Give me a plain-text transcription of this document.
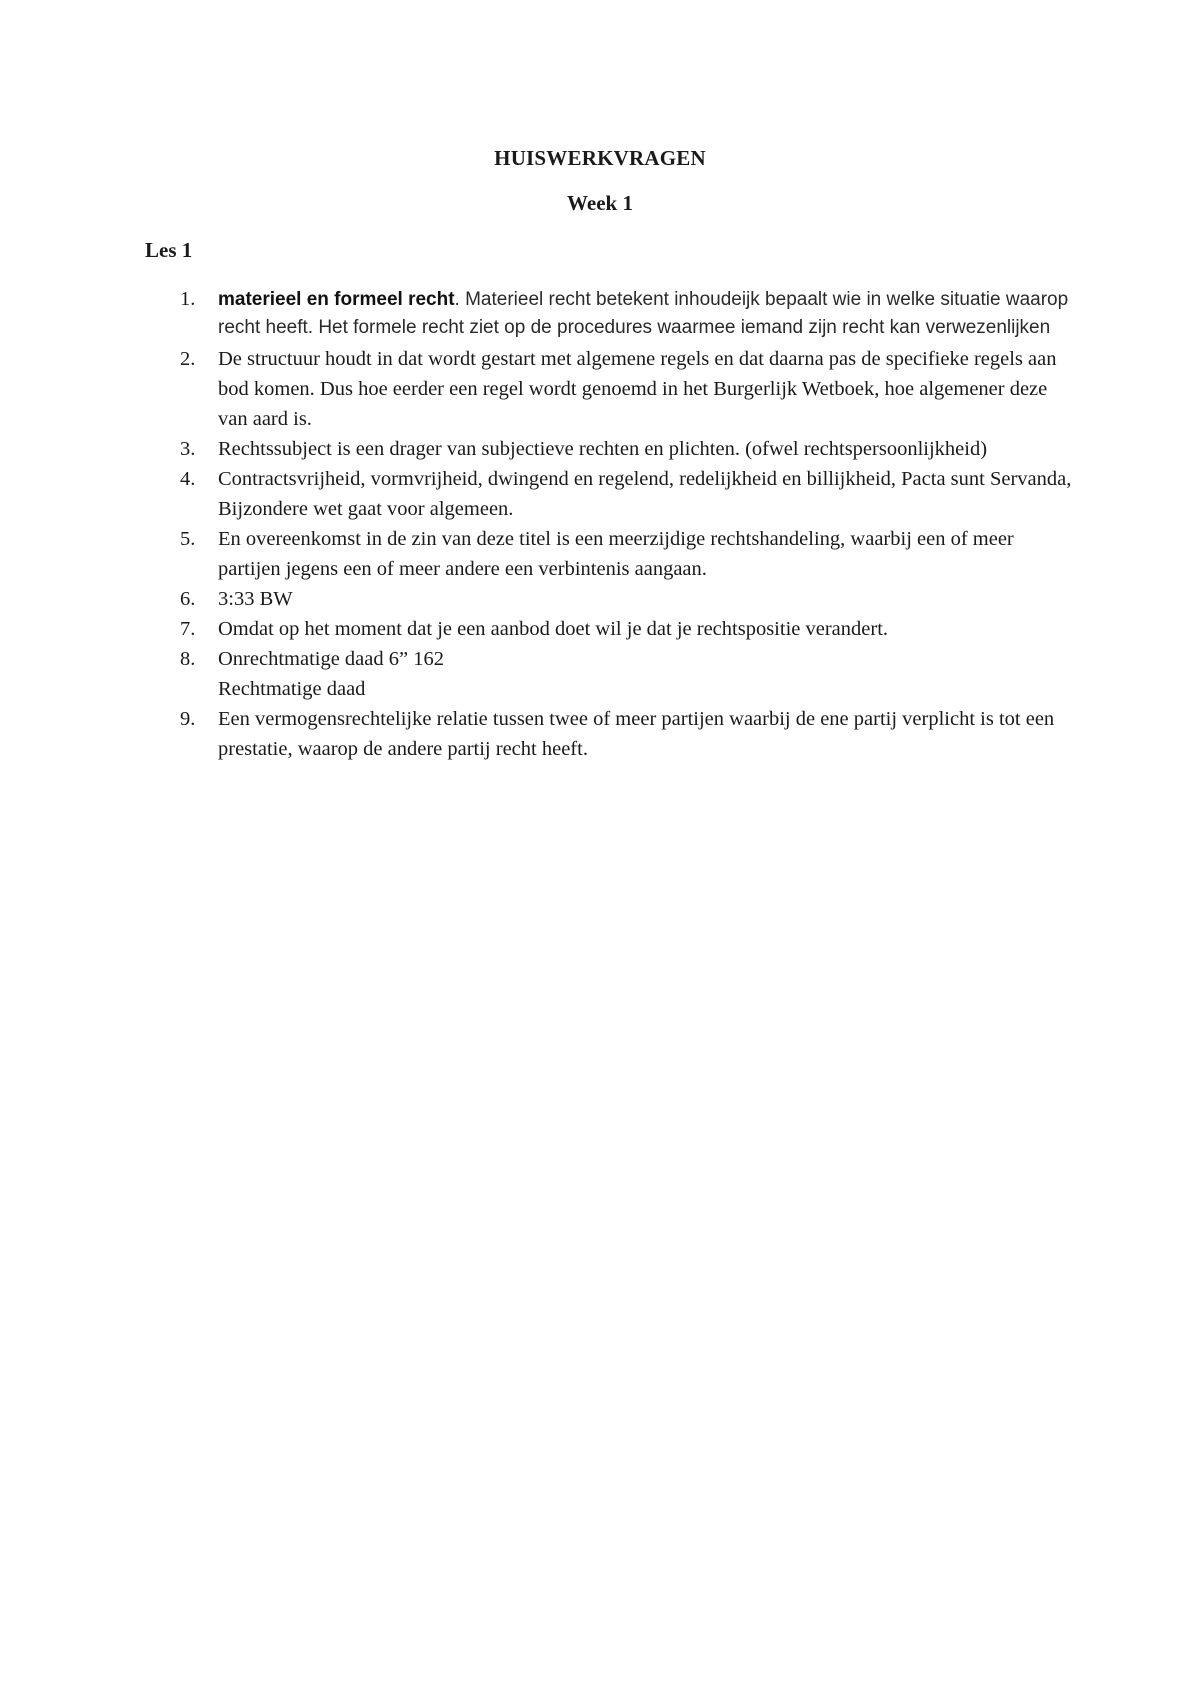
HUISWERKVRAGEN
Week 1
Les 1
1. materieel en formeel recht. Materieel recht betekent inhoudeijk bepaalt wie in welke situatie waarop recht heeft. Het formele recht ziet op de procedures waarmee iemand zijn recht kan verwezenlijken
2. De structuur houdt in dat wordt gestart met algemene regels en dat daarna pas de specifieke regels aan bod komen. Dus hoe eerder een regel wordt genoemd in het Burgerlijk Wetboek, hoe algemener deze van aard is.
3. Rechtssubject is een drager van subjectieve rechten en plichten. (ofwel rechtspersoonlijkheid)
4. Contractsvrijheid, vormvrijheid, dwingend en regelend, redelijkheid en billijkheid, Pacta sunt Servanda, Bijzondere wet gaat voor algemeen.
5. En overeenkomst in de zin van deze titel is een meerzijdige rechtshandeling, waarbij een of meer partijen jegens een of meer andere een verbintenis aangaan.
6. 3:33 BW
7. Omdat op het moment dat je een aanbod doet wil je dat je rechtspositie verandert.
8. Onrechtmatige daad 6” 162
Rechtmatige daad
9. Een vermogensrechtelijke relatie tussen twee of meer partijen waarbij de ene partij verplicht is tot een prestatie, waarop de andere partij recht heeft.
